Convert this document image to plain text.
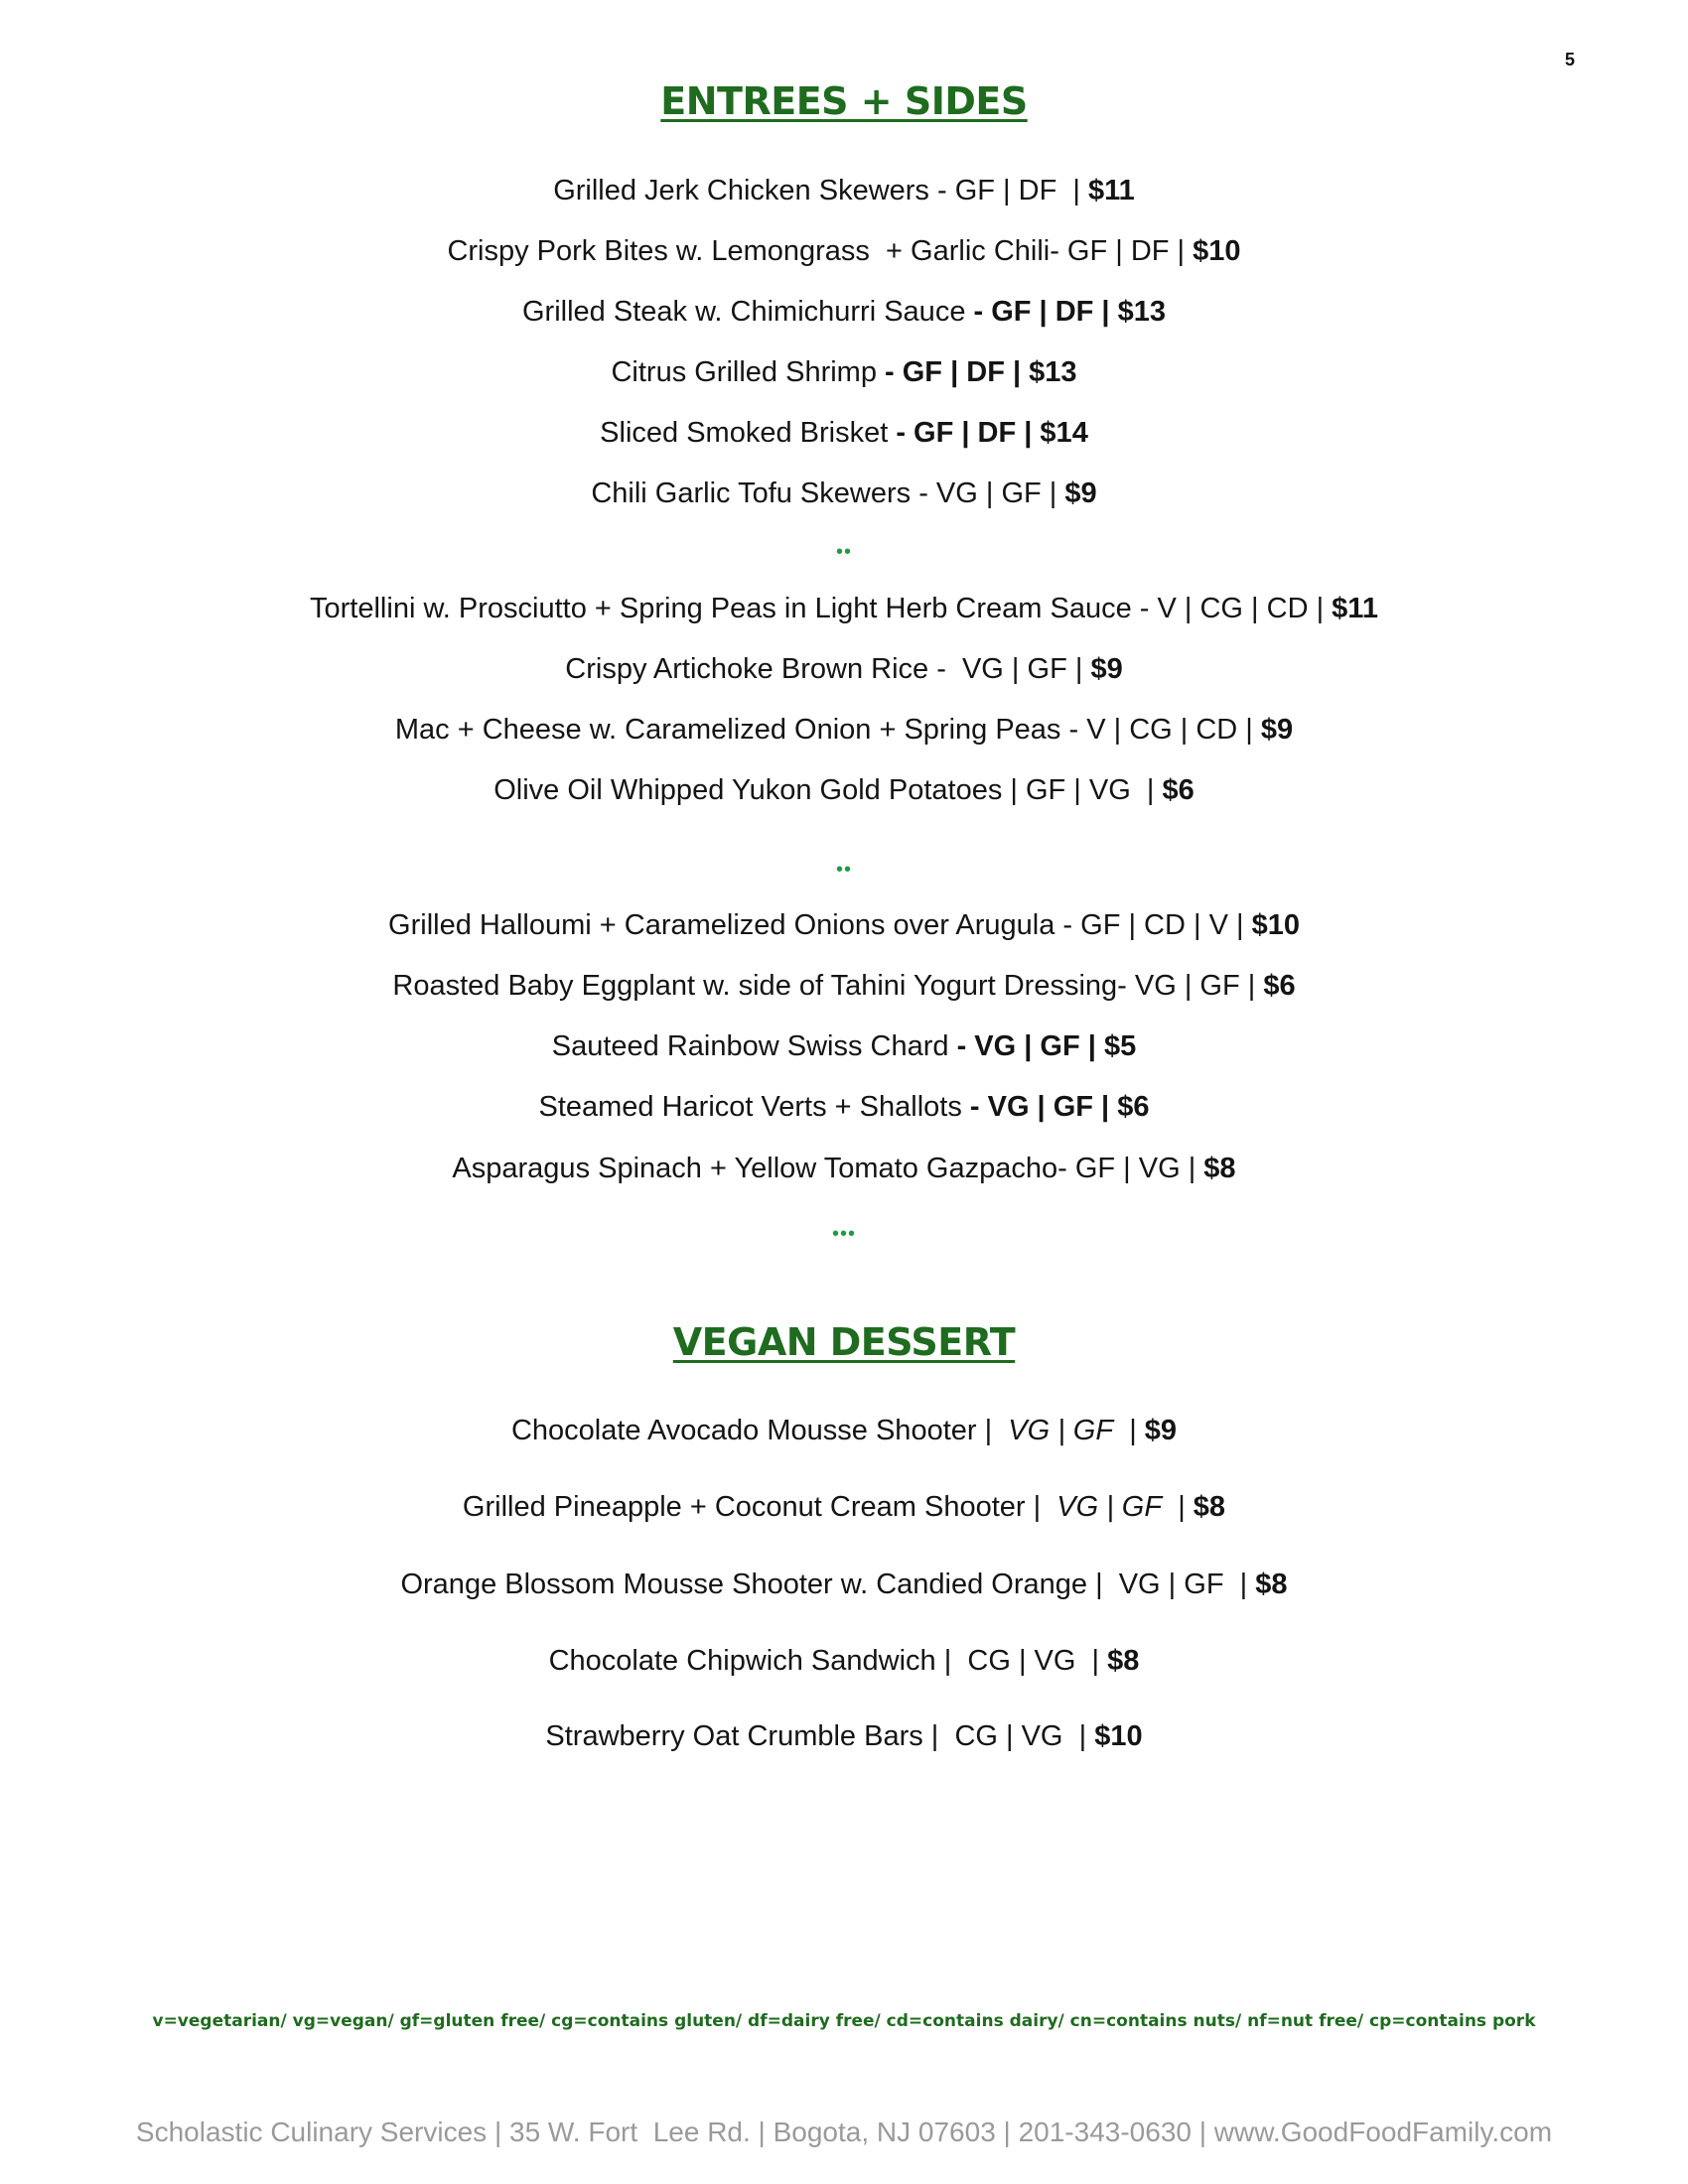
5
ENTREES + SIDES
Grilled Jerk Chicken Skewers - GF | DF  | $11
Crispy Pork Bites w. Lemongrass  + Garlic Chili- GF | DF | $10
Grilled Steak w. Chimichurri Sauce - GF | DF | $13
Citrus Grilled Shrimp - GF | DF | $13
Sliced Smoked Brisket - GF | DF | $14
Chili Garlic Tofu Skewers - VG | GF | $9
••
Tortellini w. Prosciutto + Spring Peas in Light Herb Cream Sauce - V | CG | CD | $11
Crispy Artichoke Brown Rice -  VG | GF | $9
Mac + Cheese w. Caramelized Onion + Spring Peas - V | CG | CD | $9
Olive Oil Whipped Yukon Gold Potatoes | GF | VG  | $6
••
Grilled Halloumi + Caramelized Onions over Arugula - GF | CD | V | $10
Roasted Baby Eggplant w. side of Tahini Yogurt Dressing- VG | GF | $6
Sauteed Rainbow Swiss Chard - VG | GF | $5
Steamed Haricot Verts + Shallots - VG | GF | $6
Asparagus Spinach + Yellow Tomato Gazpacho- GF | VG | $8
•••
VEGAN DESSERT
Chocolate Avocado Mousse Shooter |  VG | GF  | $9
Grilled Pineapple + Coconut Cream Shooter |  VG | GF  | $8
Orange Blossom Mousse Shooter w. Candied Orange |  VG | GF  | $8
Chocolate Chipwich Sandwich |  CG | VG  | $8
Strawberry Oat Crumble Bars |  CG | VG  | $10
v=vegetarian/ vg=vegan/ gf=gluten free/ cg=contains gluten/ df=dairy free/ cd=contains dairy/ cn=contains nuts/ nf=nut free/ cp=contains pork
Scholastic Culinary Services | 35 W. Fort  Lee Rd. | Bogota, NJ 07603 | 201-343-0630 | www.GoodFoodFamily.com
